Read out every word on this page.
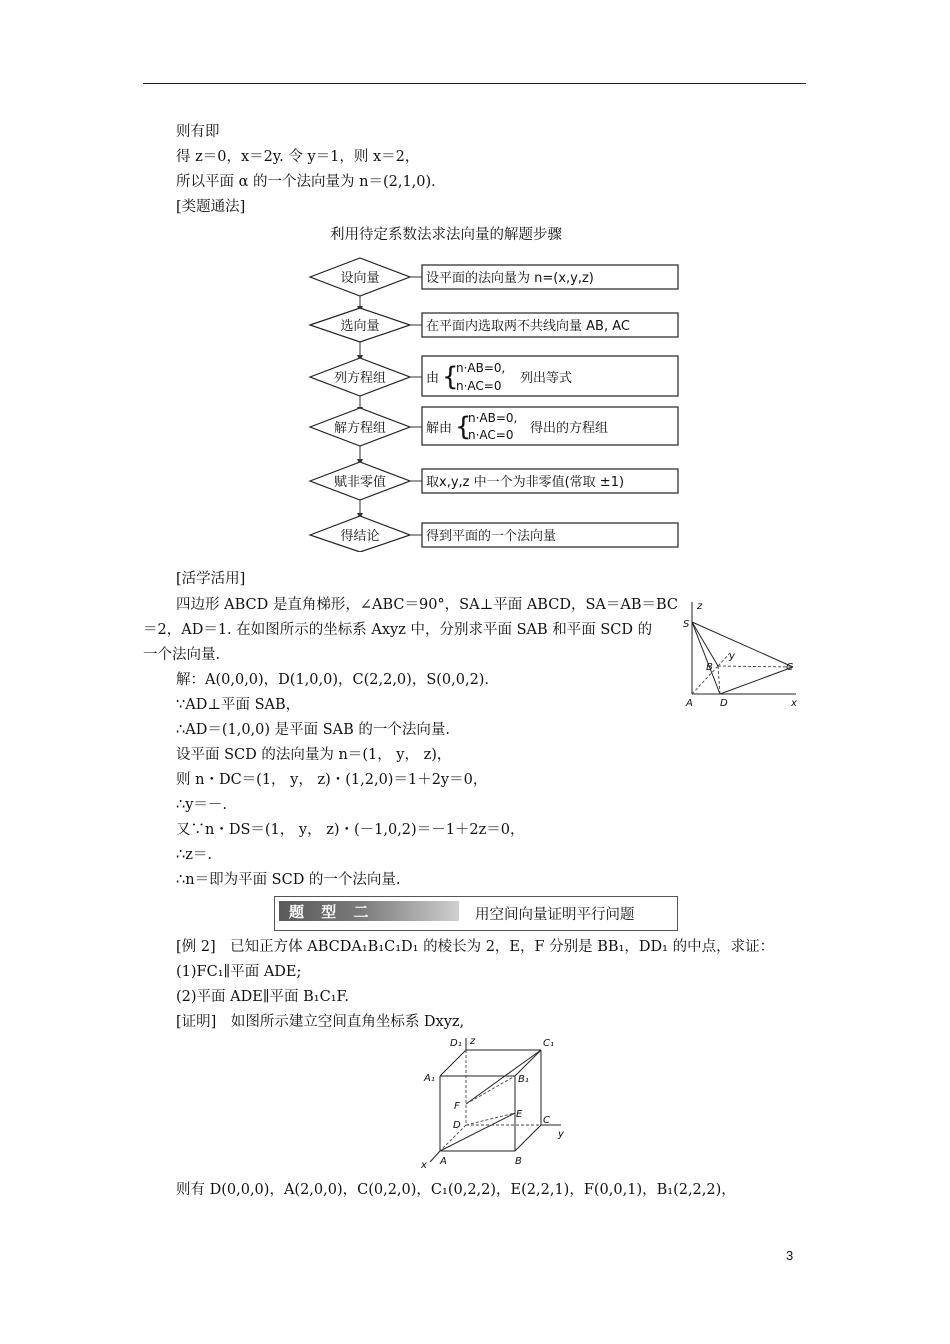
则有即
得 z＝0，x＝2y. 令 y＝1，则 x＝2，
所以平面 α 的一个法向量为 n＝(2,1,0)．
[类题通法]
利用待定系数法求法向量的解题步骤
设向量
选向量
列方程组
解方程组
赋非零值
得结论
设平面的法向量为 n=(x,y,z)
在平面内选取两不共线向量 AB, AC
由 {
n·AB=0,
n·AC=0 列出等式
解由 {
n·AB=0,
n·AC=0 得出的方程组
取x,y,z 中一个为非零值(常取 ±1)
得到平面的一个法向量
[活学活用]
四边形 ABCD 是直角梯形，∠ABC＝90°，SA⊥平面 ABCD，SA＝AB＝BC
＝2，AD＝1. 在如图所示的坐标系 Axyz 中，分别求平面 SAB 和平面 SCD 的
一个法向量.
解：A(0,0,0)，D(1,0,0)，C(2,2,0)，S(0,0,2)．
∵AD⊥平面 SAB，
∴AD＝(1,0,0) 是平面 SAB 的一个法向量.
设平面 SCD 的法向量为 n＝(1， y， z)，
则 n・DC＝(1， y， z)・(1,2,0)＝1＋2y＝0，
∴y＝－.
又∵n・DS＝(1， y， z)・(－1,0,2)＝－1＋2z＝0，
∴z＝.
∴n＝即为平面 SCD 的一个法向量.
S
z
B
y
C
A	D	x
题 型 二	用空间向量证明平行问题
[例 2]　已知正方体 ABCDA₁B₁C₁D₁ 的棱长为 2，E，F 分别是 BB₁，DD₁ 的中点，求证：
(1)FC₁∥平面 ADE;
(2)平面 ADE∥平面 B₁C₁F.
[证明]　如图所示建立空间直角坐标系 Dxyz,
D₁ z	C₁
A₁	B₁
F
E
D	C
y
x A	B
则有 D(0,0,0)，A(2,0,0)，C(0,2,0)，C₁(0,2,2)，E(2,2,1)，F(0,0,1)，B₁(2,2,2)，
3
